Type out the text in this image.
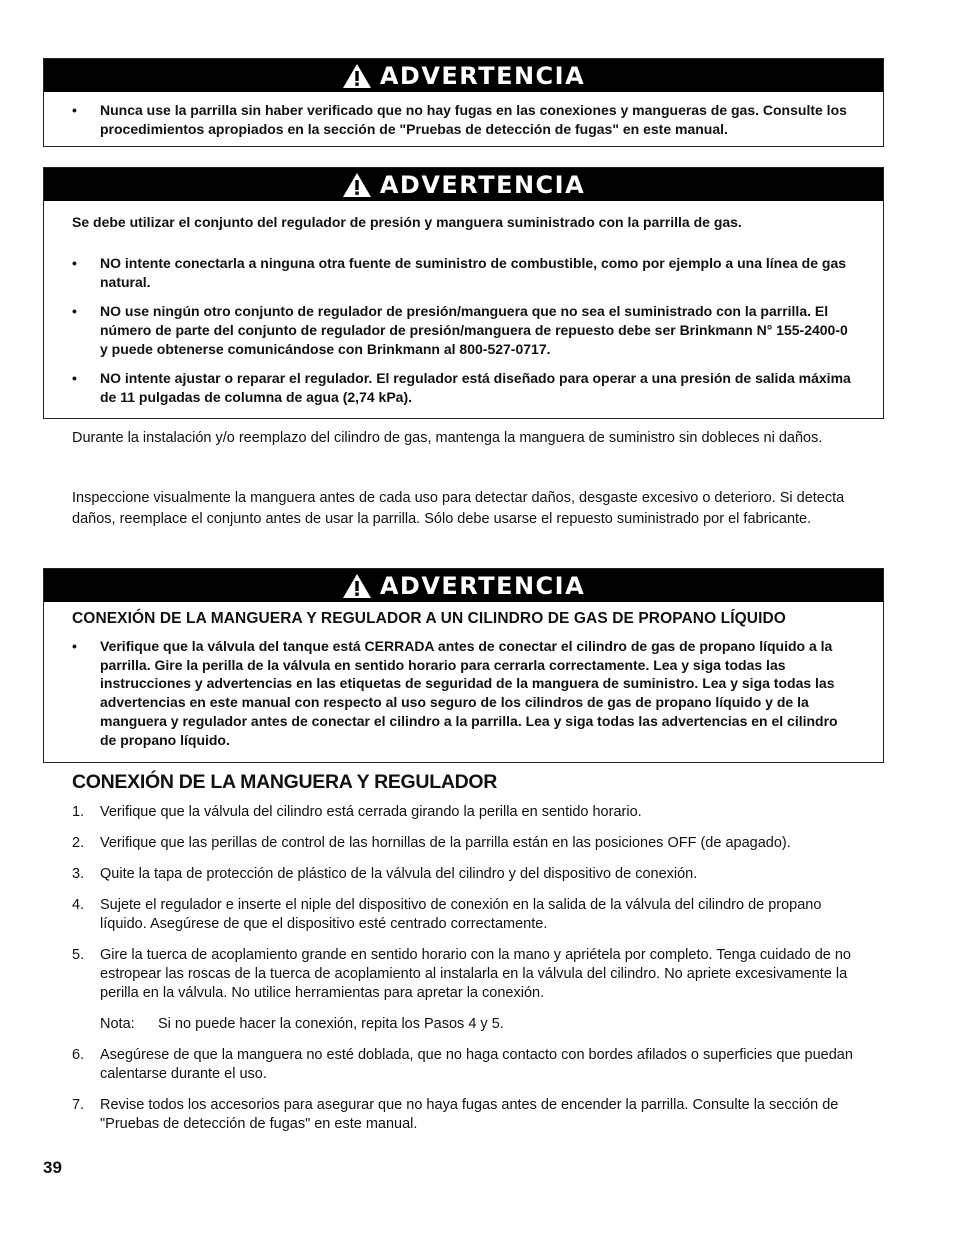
ADVERTENCIA
•	Nunca use la parrilla sin haber verificado que no hay fugas en las conexiones y mangueras de gas. Consulte los procedimientos apropiados en la sección de "Pruebas de detección de fugas" en este manual.
ADVERTENCIA

Se debe utilizar el conjunto del regulador de presión y manguera suministrado con la parrilla de gas.

•	NO intente conectarla a ninguna otra fuente de suministro de combustible, como por ejemplo a una línea de gas natural.
•	NO use ningún otro conjunto de regulador de presión/manguera que no sea el suministrado con la parrilla. El número de parte del conjunto de regulador de presión/manguera de repuesto debe ser Brinkmann N° 155-2400-0 y puede obtenerse comunicándose con Brinkmann al 800-527-0717.
•	NO intente ajustar o reparar el regulador. El regulador está diseñado para operar a una presión de salida máxima de 11 pulgadas de columna de agua (2,74 kPa).

Durante la instalación y/o reemplazo del cilindro de gas, mantenga la manguera de suministro sin dobleces ni daños.

Inspeccione visualmente la manguera antes de cada uso para detectar daños, desgaste excesivo o deterioro. Si detecta daños, reemplace el conjunto antes de usar la parrilla. Sólo debe usarse el repuesto suministrado por el fabricante.

ADVERTENCIA

CONEXIÓN DE LA MANGUERA Y REGULADOR A UN CILINDRO DE GAS DE PROPANO LÍQUIDO

•	Verifique que la válvula del tanque está CERRADA antes de conectar el cilindro de gas de propano líquido a la parrilla. Gire la perilla de la válvula en sentido horario para cerrarla correctamente. Lea y siga todas las instrucciones y advertencias en las etiquetas de seguridad de la manguera de suministro. Lea y siga todas las advertencias en este manual con respecto al uso seguro de los cilindros de gas de propano líquido y de la manguera y regulador antes de conectar el cilindro a la parrilla. Lea y siga todas las advertencias en el cilindro de propano líquido.
CONEXIÓN DE LA MANGUERA Y REGULADOR
1.	Verifique que la válvula del cilindro está cerrada girando la perilla en sentido horario.
2.	Verifique que las perillas de control de las hornillas de la parrilla están en las posiciones OFF (de apagado).
3.	Quite la tapa de protección de plástico de la válvula del cilindro y del dispositivo de conexión.
4.	Sujete el regulador e inserte el niple del dispositivo de conexión en la salida de la válvula del cilindro de propano líquido. Asegúrese de que el dispositivo esté centrado correctamente.
5.	Gire la tuerca de acoplamiento grande en sentido horario con la mano y apriétela por completo. Tenga cuidado de no estropear las roscas de la tuerca de acoplamiento al instalarla en la válvula del cilindro. No apriete excesivamente la perilla en la válvula. No utilice herramientas para apretar la conexión.
Nota:	Si no puede hacer la conexión, repita los Pasos 4 y 5.
6.	Asegúrese de que la manguera no esté doblada, que no haga contacto con bordes afilados o superficies que puedan calentarse durante el uso.
7.	Revise todos los accesorios para asegurar que no haya fugas antes de encender la parrilla. Consulte la sección de "Pruebas de detección de fugas" en este manual.

39
